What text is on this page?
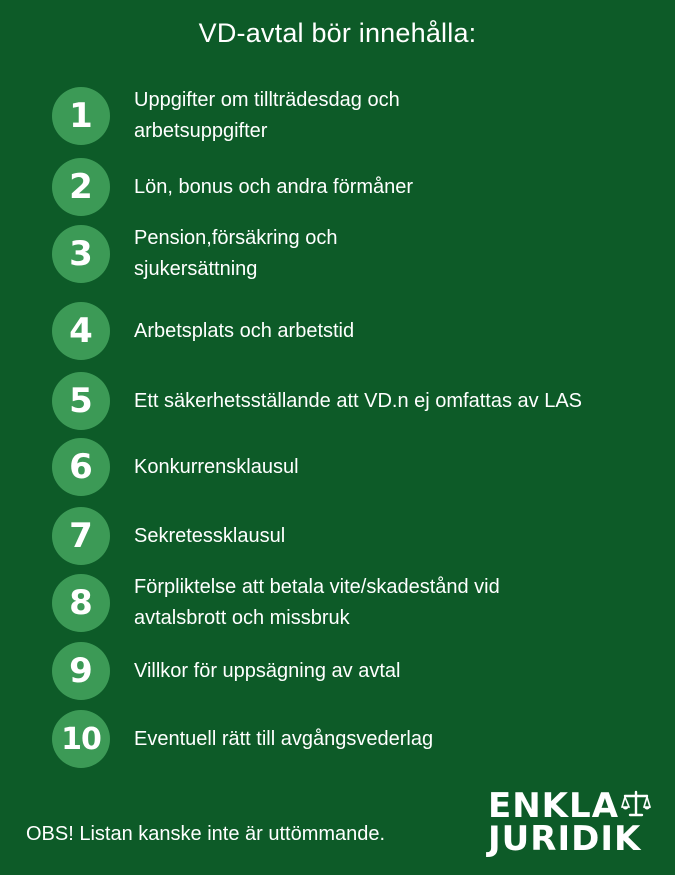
VD-avtal bör innehålla:
1	Uppgifter om tillträdesdag och arbetsuppgifter
2	Lön, bonus och andra förmåner
3	Pension,försäkring och sjukersättning
4	Arbetsplats och arbetstid
5	Ett säkerhetsställande att VD.n ej omfattas av LAS
6	Konkurrensklausul
7	Sekretessklausul
8	Förpliktelse att betala vite/skadestånd vid avtalsbrott och missbruk
9	Villkor för uppsägning av avtal
10	Eventuell rätt till avgångsvederlag
OBS! Listan kanske inte är uttömmande.
ENKLA
JURIDIK
